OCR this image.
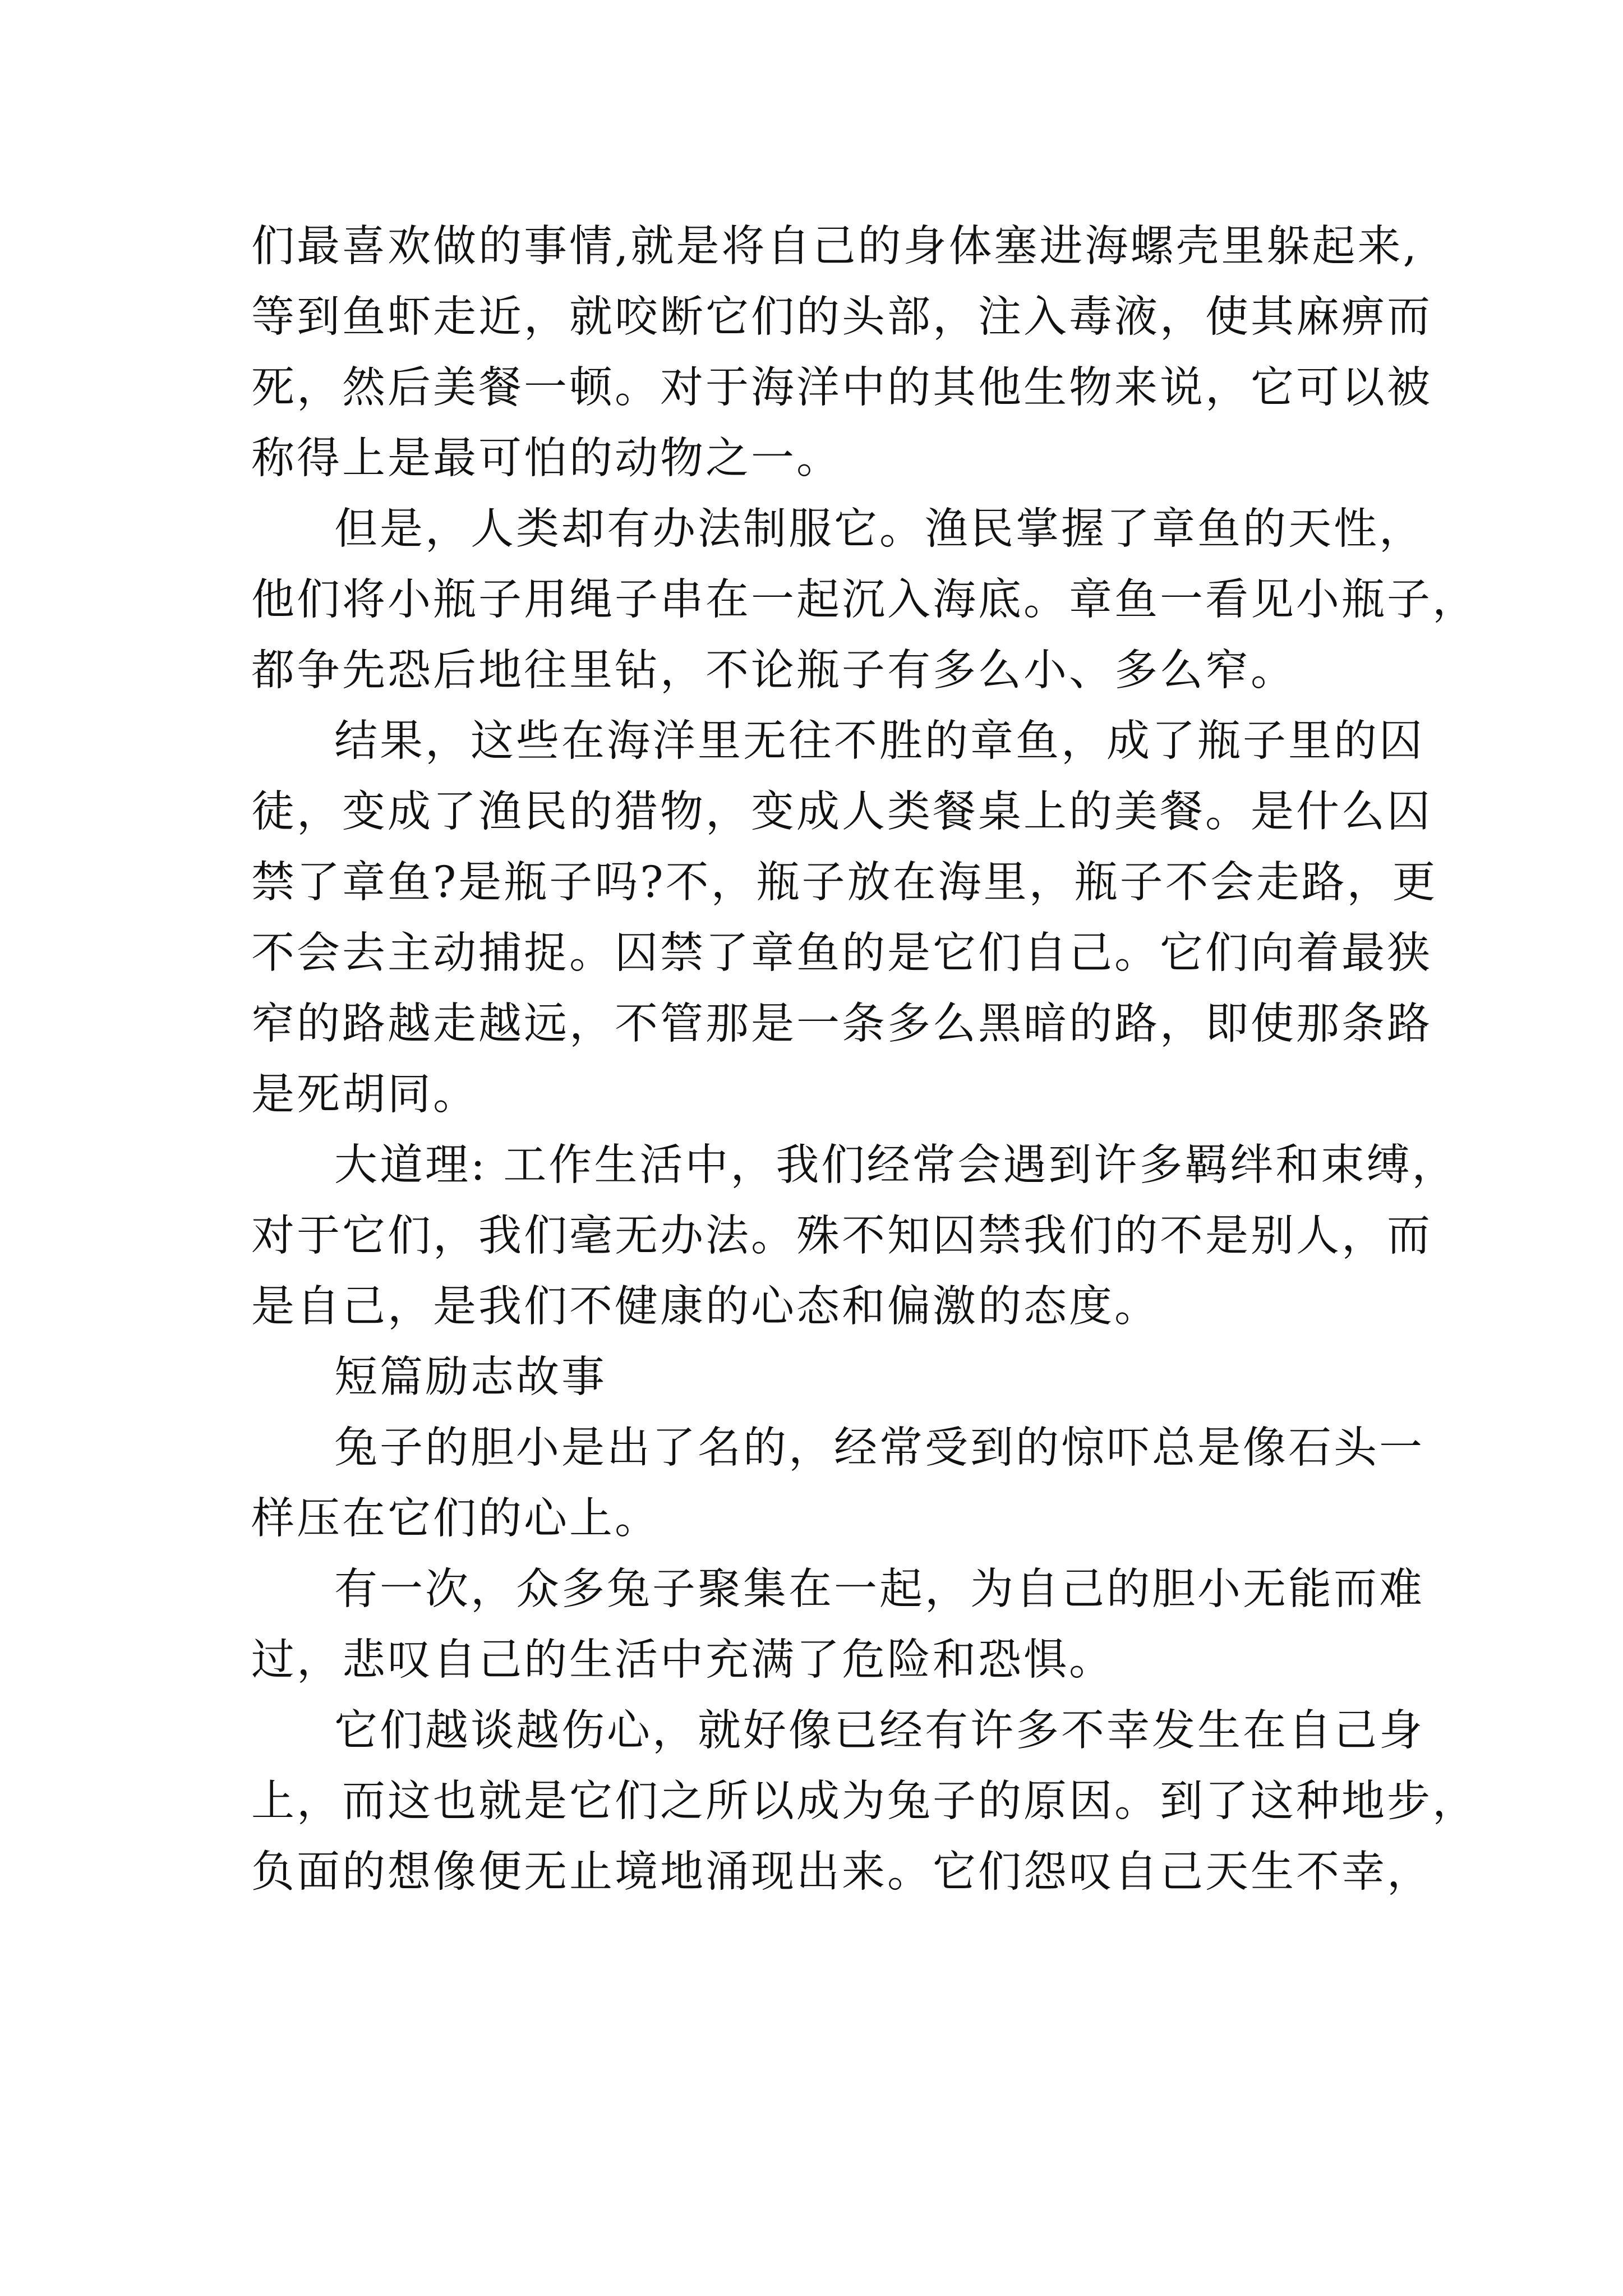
们最喜欢做的事情,就是将自己的身体塞进海螺壳里躲起来,

等到鱼虾走近，就咬断它们的头部，注入毒液，使其麻痹而

死，然后美餐一顿。对于海洋中的其他生物来说，它可以被

称得上是最可怕的动物之一。

但是，人类却有办法制服它。渔民掌握了章鱼的天性，

他们将小瓶子用绳子串在一起沉入海底。章鱼一看见小瓶子，

都争先恐后地往里钻，不论瓶子有多么小、多么窄。

结果，这些在海洋里无往不胜的章鱼，成了瓶子里的囚

徒，变成了渔民的猎物，变成人类餐桌上的美餐。是什么囚

禁了章鱼?是瓶子吗?不，瓶子放在海里，瓶子不会走路，更

不会去主动捕捉。囚禁了章鱼的是它们自己。它们向着最狭

窄的路越走越远，不管那是一条多么黑暗的路，即使那条路

是死胡同。

大道理: 工作生活中，我们经常会遇到许多羁绊和束缚，

对于它们，我们毫无办法。殊不知囚禁我们的不是别人，而

是自己，是我们不健康的心态和偏激的态度。

短篇励志故事

兔子的胆小是出了名的，经常受到的惊吓总是像石头一

样压在它们的心上。

有一次，众多兔子聚集在一起，为自己的胆小无能而难

过，悲叹自己的生活中充满了危险和恐惧。

它们越谈越伤心，就好像已经有许多不幸发生在自己身

上，而这也就是它们之所以成为兔子的原因。到了这种地步，

负面的想像便无止境地涌现出来。它们怨叹自己天生不幸，
